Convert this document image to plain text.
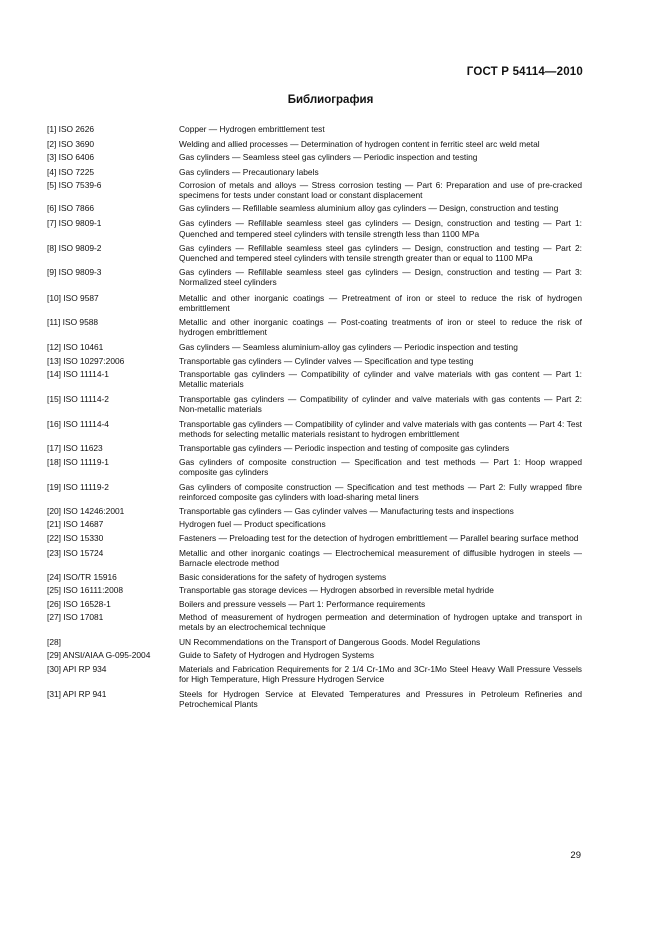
ГОСТ Р 54114—2010
Библиография
[1] ISO 2626	Copper — Hydrogen embrittlement test
[2] ISO 3690	Welding and allied processes — Determination of hydrogen content in ferritic steel arc weld metal
[3] ISO 6406	Gas cylinders — Seamless steel gas cylinders — Periodic inspection and testing
[4] ISO 7225	Gas cylinders — Precautionary labels
[5] ISO 7539-6	Corrosion of metals and alloys — Stress corrosion testing — Part 6: Preparation and use of pre-cracked specimens for tests under constant load or constant displacement
[6] ISO 7866	Gas cylinders — Refillable seamless aluminium alloy gas cylinders — Design, construction and testing
[7] ISO 9809-1	Gas cylinders — Refillable seamless steel gas cylinders — Design, construction and testing — Part 1: Quenched and tempered steel cylinders with tensile strength less than 1100 MPa
[8] ISO 9809-2	Gas cylinders — Refillable seamless steel gas cylinders — Design, construction and testing — Part 2: Quenched and tempered steel cylinders with tensile strength greater than or equal to 1100 MPa
[9] ISO 9809-3	Gas cylinders — Refillable seamless steel gas cylinders — Design, construction and testing — Part 3: Normalized steel cylinders
[10] ISO 9587	Metallic and other inorganic coatings — Pretreatment of iron or steel to reduce the risk of hydrogen embrittlement
[11] ISO 9588	Metallic and other inorganic coatings — Post-coating treatments of iron or steel to reduce the risk of hydrogen embrittlement
[12] ISO 10461	Gas cylinders — Seamless aluminium-alloy gas cylinders — Periodic inspection and testing
[13] ISO 10297:2006	Transportable gas cylinders — Cylinder valves — Specification and type testing
[14] ISO 11114-1	Transportable gas cylinders — Compatibility of cylinder and valve materials with gas content — Part 1: Metallic materials
[15] ISO 11114-2	Transportable gas cylinders — Compatibility of cylinder and valve materials with gas contents — Part 2: Non-metallic materials
[16] ISO 11114-4	Transportable gas cylinders — Compatibility of cylinder and valve materials with gas contents — Part 4: Test methods for selecting metallic materials resistant to hydrogen embrittlement
[17] ISO 11623	Transportable gas cylinders — Periodic inspection and testing of composite gas cylinders
[18] ISO 11119-1	Gas cylinders of composite construction — Specification and test methods — Part 1: Hoop wrapped composite gas cylinders
[19] ISO 11119-2	Gas cylinders of composite construction — Specification and test methods — Part 2: Fully wrapped fibre reinforced composite gas cylinders with load-sharing metal liners
[20] ISO 14246:2001	Transportable gas cylinders — Gas cylinder valves — Manufacturing tests and inspections
[21] ISO 14687	Hydrogen fuel — Product specifications
[22] ISO 15330	Fasteners — Preloading test for the detection of hydrogen embrittlement — Parallel bearing surface method
[23] ISO 15724	Metallic and other inorganic coatings — Electrochemical measurement of diffusible hydrogen in steels — Barnacle electrode method
[24] ISO/TR 15916	Basic considerations for the safety of hydrogen systems
[25] ISO 16111:2008	Transportable gas storage devices — Hydrogen absorbed in reversible metal hydride
[26] ISO 16528-1	Boilers and pressure vessels — Part 1: Performance requirements
[27] ISO 17081	Method of measurement of hydrogen permeation and determination of hydrogen uptake and transport in metals by an electrochemical technique
[28]	UN Recommendations on the Transport of Dangerous Goods. Model Regulations
[29] ANSI/AIAA G-095-2004	Guide to Safety of Hydrogen and Hydrogen Systems
[30] API RP 934	Materials and Fabrication Requirements for 2 1/4 Cr-1Mo and 3Cr-1Mo Steel Heavy Wall Pressure Vessels for High Temperature, High Pressure Hydrogen Service
[31] API RP 941	Steels for Hydrogen Service at Elevated Temperatures and Pressures in Petroleum Refineries and Petrochemical Plants
29
